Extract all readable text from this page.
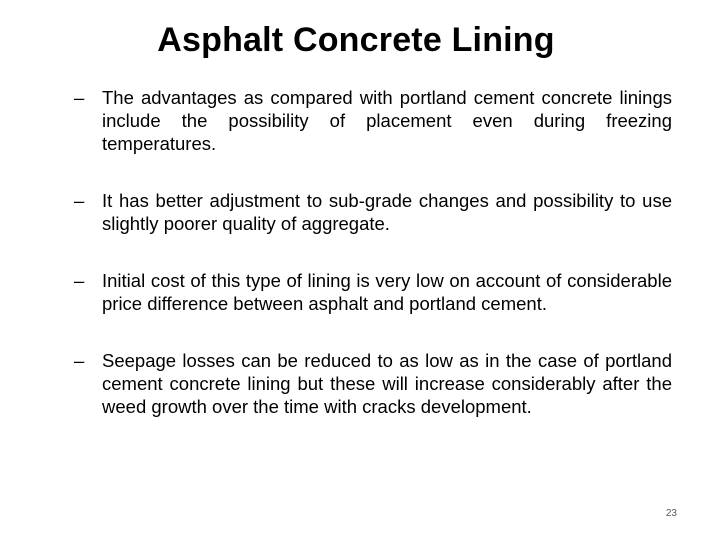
Asphalt Concrete Lining
– The advantages as compared with portland cement concrete linings include the possibility of placement even during freezing temperatures.
– It has better adjustment to sub-grade changes and possibility to use slightly poorer quality of aggregate.
– Initial cost of this type of lining is very low on account of considerable price difference between asphalt and portland cement.
– Seepage losses can be reduced to as low as in the case of portland cement concrete lining but these will increase considerably after the weed growth over the time with cracks development.
23
